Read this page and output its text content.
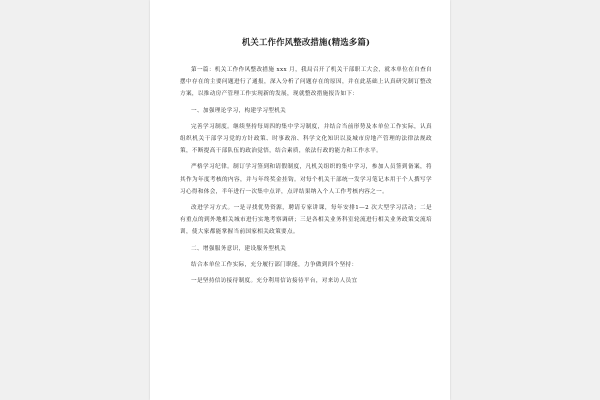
机关工作作风整改措施(精选多篇)

第一篇：机关工作作风整改措施 xxx 月，我局召开了机关干部职工大会，就本单位在自查自摆中存在的主要问题进行了通报，深入分析了问题存在的原因，并在此基础上认真研究制订整改方案，以推动房产管理工作实现新的发展，现就整改措施报告如下：

一、加强理论学习，构建学习型机关

完善学习制度。继续坚持每周四的集中学习制度，并结合当前形势及本单位工作实际，认真组织机关干部学习党的方针政策、时事政治、科学文化知识以及城市房地产管理的法律法规政策，不断提高干部队伍的政治觉悟，结合素质，依法行政的能力和工作水平。

严格学习纪律。制订学习签到和请假制度，凡机关组织的集中学习，参加人员签到备案，将其作为年度考核的内容，并与年终奖金挂钩。对每个机关干部统一发学习笔记本用于个人撰写学习心得和体会，半年进行一次集中点评，点评结果纳入个人工作考核内容之一。

改进学习方式。一是寻找优势资源，聘请专家讲课，每年安排1—2 次大型学习活动；二是有重点的到外地相关城市进行实地考察调研；三是各相关业务科室轮流进行相关业务政策交流培训，使大家都能掌握当前国家相关政策要点。

二、增强服务意识，建设服务型机关

结合本单位工作实际，充分履行部门职能，力争做到四个坚持：

一是坚持信访接待制度。充分利用信访接待平台，对来访人员宜
